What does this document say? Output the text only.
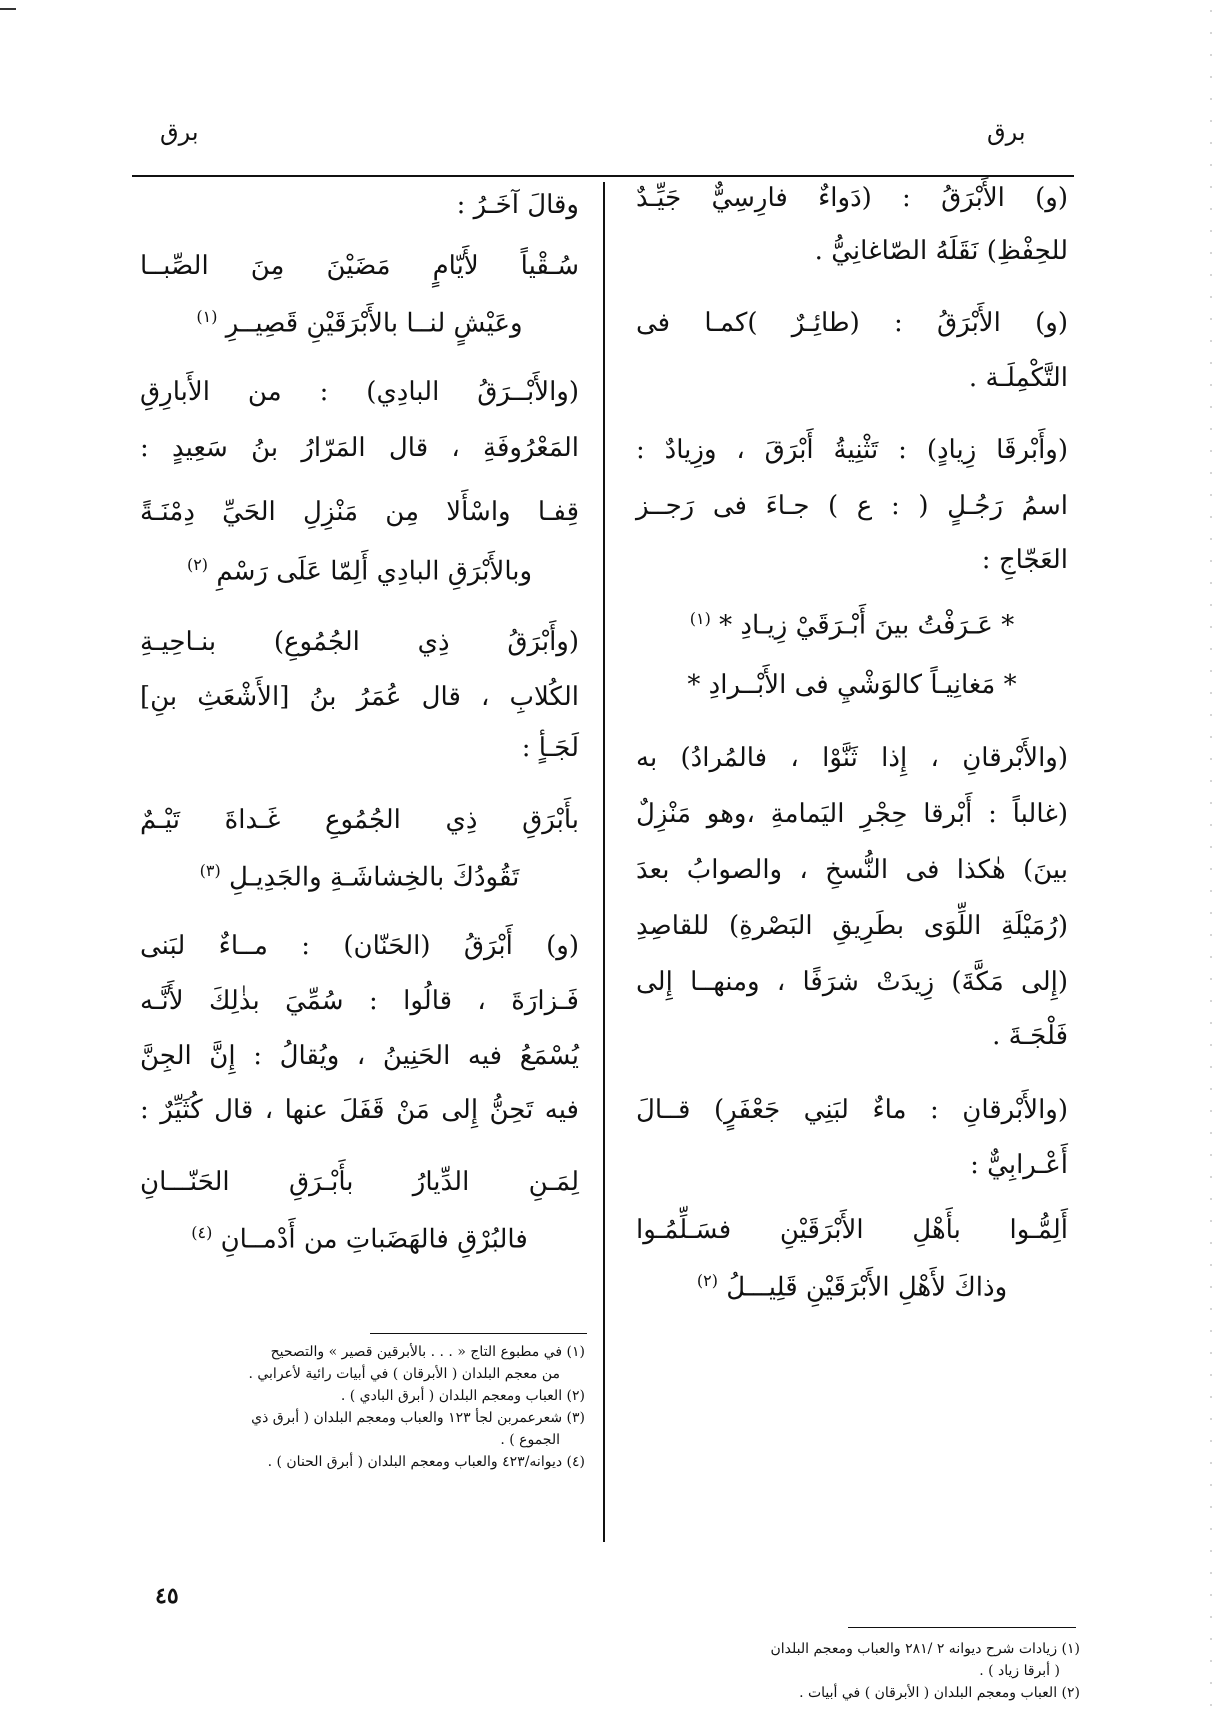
برق
برق
(و) الأَبْرَقُ : (دَواءٌ فارِسِيٌّ جَيِّـدٌ
للحِفْظِ) نَقَلَهُ الصّاغانِيُّ .
(و) الأَبْرَقُ : (طائِـرٌ )كمـا فى
التَّكْمِلَـة .
(وأَبْرقَا زِيادٍ) : تَثْنِيةُ أَبْرَقَ ، وزِيادٌ :
اسمُ رَجُـلٍ ( : ع ) جـاءَ فى رَجــز
العَجّاجِ :
* عَـرَفْتُ بينَ أَبْـرَقَيْ زِيـادِ * $^{(١)}$
* مَغانِيـاً كالوَشْيِ فى الأَبْــرادِ *
(والأَبْرقانِ ، إِذا ثَنَّوْا ، فالمُرادُ) به
(غالباً : أَبْرقا حِجْرِ اليَمامةِ ،وهو مَنْزِلٌ
بينَ) هٰكذا فى النُّسخِ ، والصوابُ بعدَ
(رُمَيْلَةِ اللِّوَى بطَرِيقِ البَصْرةِ) للقاصِدِ
(إِلى مَكَّةَ) زِيدَتْ شرَفًا ، ومنهــا إِلى
فَلْجَـةَ .
(والأَبْرقانِ : ماءٌ لبَنِي جَعْفَرٍ) قــالَ
أَعْـرابِيٌّ :
أَلِمُّـوا بأَهْلِ الأَبْرَقَيْنِ فسَـلِّمُـوا
وذاكَ لأَهْلِ الأَبْرَقَيْنِ قَلِيـــلُ $^{(٢)}$
وقالَ آخَـرُ :
سُـقْياً لأَيّامٍ مَضَيْنَ مِنَ الصِّبــا
وعَيْشٍ لنــا بالأَبْرَقَيْنِ قَصِيــرِ $^{(١)}$
(والأَبْــرَقُ البادِي) : من الأَبارِقِ
المَعْرُوفَةِ ، قال المَرّارُ بنُ سَعِيدٍ :
قِفـا واسْأَلا مِن مَنْزِلِ الحَيِّ دِمْنَـةً
وبالأَبْرَقِ البادِي أَلِمّا عَلَى رَسْمِ $^{(٢)}$
(وأَبْرَقُ ذِي الجُمُوعِ) بنـاحِيـةِ
الكُلابِ ، قال عُمَرُ بنُ [الأَشْعَثِ بنِ]
لَجَـأٍ :
بأَبْرَقِ ذِي الجُمُوعِ غَـداةَ تَيْـمٌ
تَقُودُكَ بالخِشاشَـةِ والجَدِيـلِ $^{(٣)}$
(و) أَبْرَقُ (الحَنّان) : مــاءٌ لبَنى
فَـزارَةَ ، قالُوا : سُمِّيَ بذٰلِكَ لأَنَّـه
يُسْمَعُ فيه الحَنِينُ ، ويُقالُ : إِنَّ الجِنَّ
فيه تَحِنُّ إِلى مَنْ قَفَلَ عنها ، قال كُثَيِّرٌ :
لِمَـنِ الدِّيارُ بأَبْـرَقِ الحَنّـــانِ
فالبُرْقِ فالهَضَباتِ من أَدْمــانِ $^{(٤)}$
(١) زيادات شرح ديوانه ٢ /٢٨١ والعباب ومعجم البلدان
( أبرقا زياد ) .
(٢) العباب ومعجم البلدان ( الأبرقان ) في أبيات .
(١) في مطبوع التاج « . . . بالأبرقين قصير » والتصحيح
من معجم البلدان ( الأبرقان ) في أبيات رائية لأعرابي .
(٢) العباب ومعجم البلدان ( أبرق البادي ) .
(٣) شعرعمربن لجأ ١٢٣ والعباب ومعجم البلدان ( أبرق ذي
الجموع ) .
(٤) ديوانه/٤٢٣ والعباب ومعجم البلدان ( أبرق الحنان ) .
٤٥
